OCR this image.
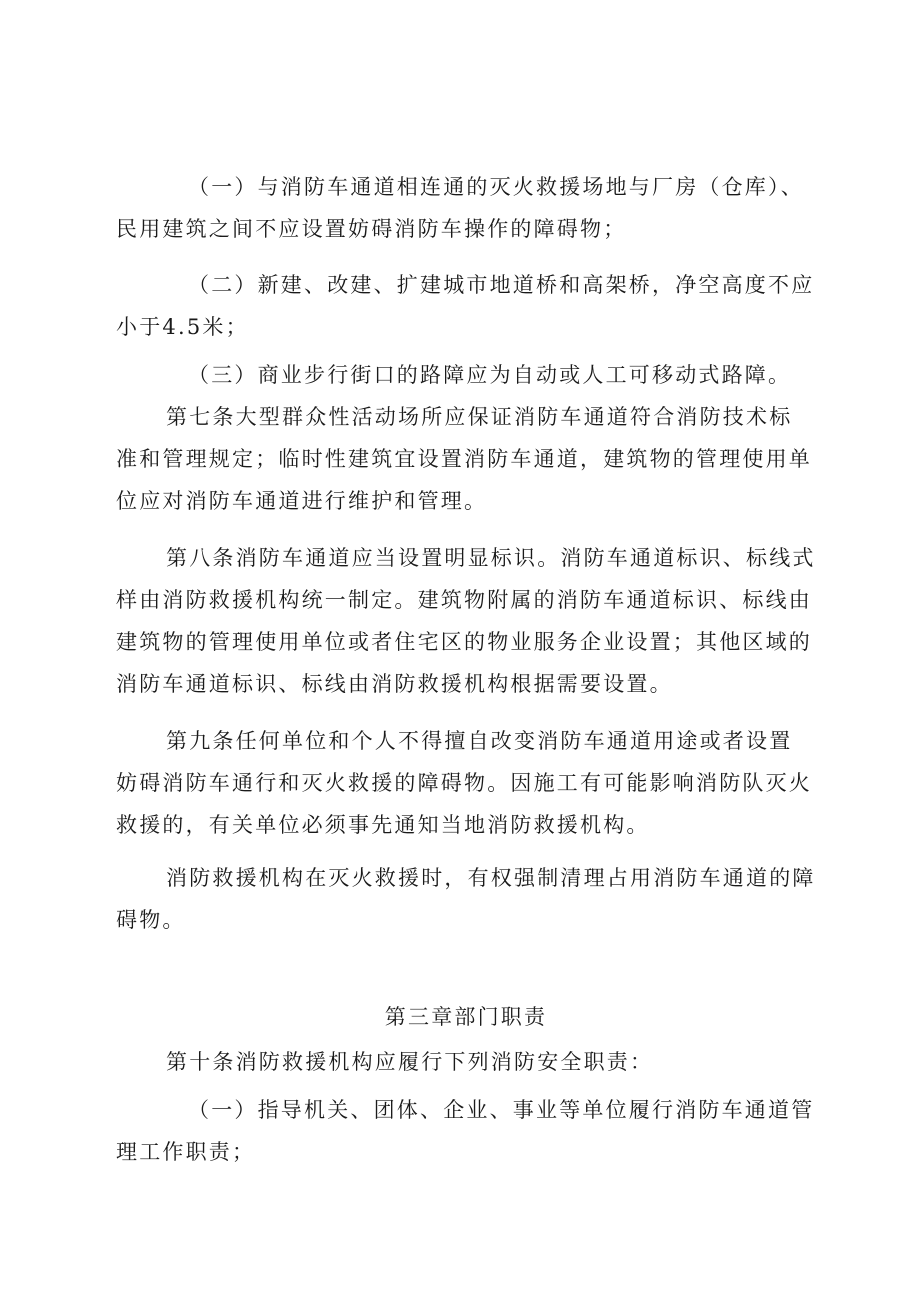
（一）与消防车通道相连通的灭火救援场地与厂房（仓库）、
民用建筑之间不应设置妨碍消防车操作的障碍物；
（二）新建、改建、扩建城市地道桥和高架桥，净空高度不应
小于4.5米；
（三）商业步行街口的路障应为自动或人工可移动式路障。
第七条大型群众性活动场所应保证消防车通道符合消防技术标
准和管理规定；临时性建筑宜设置消防车通道，建筑物的管理使用单
位应对消防车通道进行维护和管理。
第八条消防车通道应当设置明显标识。消防车通道标识、标线式
样由消防救援机构统一制定。建筑物附属的消防车通道标识、标线由
建筑物的管理使用单位或者住宅区的物业服务企业设置；其他区域的
消防车通道标识、标线由消防救援机构根据需要设置。
第九条任何单位和个人不得擅自改变消防车通道用途或者设置
妨碍消防车通行和灭火救援的障碍物。因施工有可能影响消防队灭火
救援的，有关单位必须事先通知当地消防救援机构。
消防救援机构在灭火救援时，有权强制清理占用消防车通道的障
碍物。
第三章部门职责
第十条消防救援机构应履行下列消防安全职责：
（一）指导机关、团体、企业、事业等单位履行消防车通道管
理工作职责；
